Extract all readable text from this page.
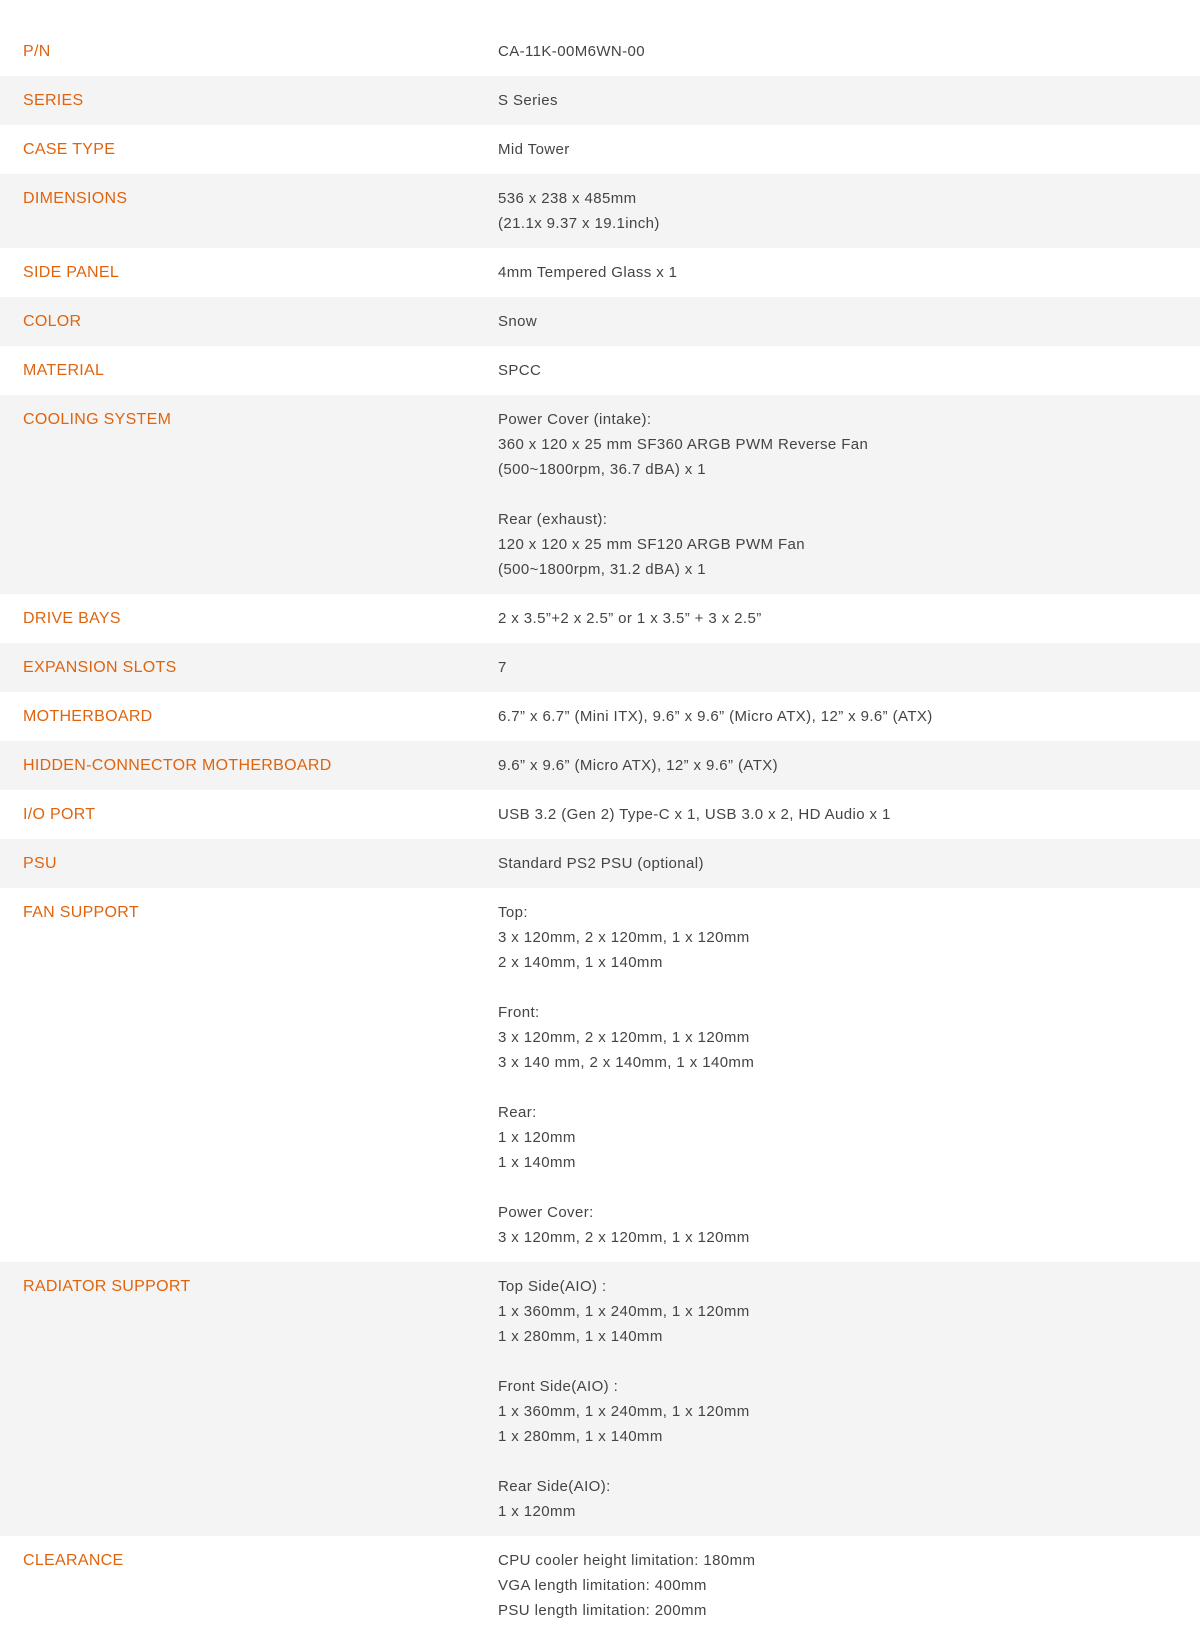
P/N	CA-11K-00M6WN-00
SERIES	S Series
CASE TYPE	Mid Tower
DIMENSIONS	536 x 238 x 485mm
(21.1x 9.37 x 19.1inch)
SIDE PANEL	4mm Tempered Glass x 1
COLOR	Snow
MATERIAL	SPCC
COOLING SYSTEM	Power Cover (intake):
360 x 120 x 25 mm SF360 ARGB PWM Reverse Fan
(500~1800rpm, 36.7 dBA) x 1
Rear (exhaust):
120 x 120 x 25 mm SF120 ARGB PWM Fan
(500~1800rpm, 31.2 dBA) x 1
DRIVE BAYS	2 x 3.5”+2 x 2.5” or 1 x 3.5” + 3 x 2.5”
EXPANSION SLOTS	7
MOTHERBOARD	6.7” x 6.7” (Mini ITX), 9.6” x 9.6” (Micro ATX), 12” x 9.6” (ATX)
HIDDEN-CONNECTOR MOTHERBOARD	9.6” x 9.6” (Micro ATX), 12” x 9.6” (ATX)
I/O PORT	USB 3.2 (Gen 2) Type-C x 1, USB 3.0 x 2, HD Audio x 1
PSU	Standard PS2 PSU (optional)
FAN SUPPORT	Top:
3 x 120mm, 2 x 120mm, 1 x 120mm
2 x 140mm, 1 x 140mm
Front:
3 x 120mm, 2 x 120mm, 1 x 120mm
3 x 140 mm, 2 x 140mm, 1 x 140mm
Rear:
1 x 120mm
1 x 140mm
Power Cover:
3 x 120mm, 2 x 120mm, 1 x 120mm
RADIATOR SUPPORT	Top Side(AIO) :
1 x 360mm, 1 x 240mm, 1 x 120mm
1 x 280mm, 1 x 140mm
Front Side(AIO) :
1 x 360mm, 1 x 240mm, 1 x 120mm
1 x 280mm, 1 x 140mm
Rear Side(AIO):
1 x 120mm
CLEARANCE	CPU cooler height limitation: 180mm
VGA length limitation: 400mm
PSU length limitation: 200mm
